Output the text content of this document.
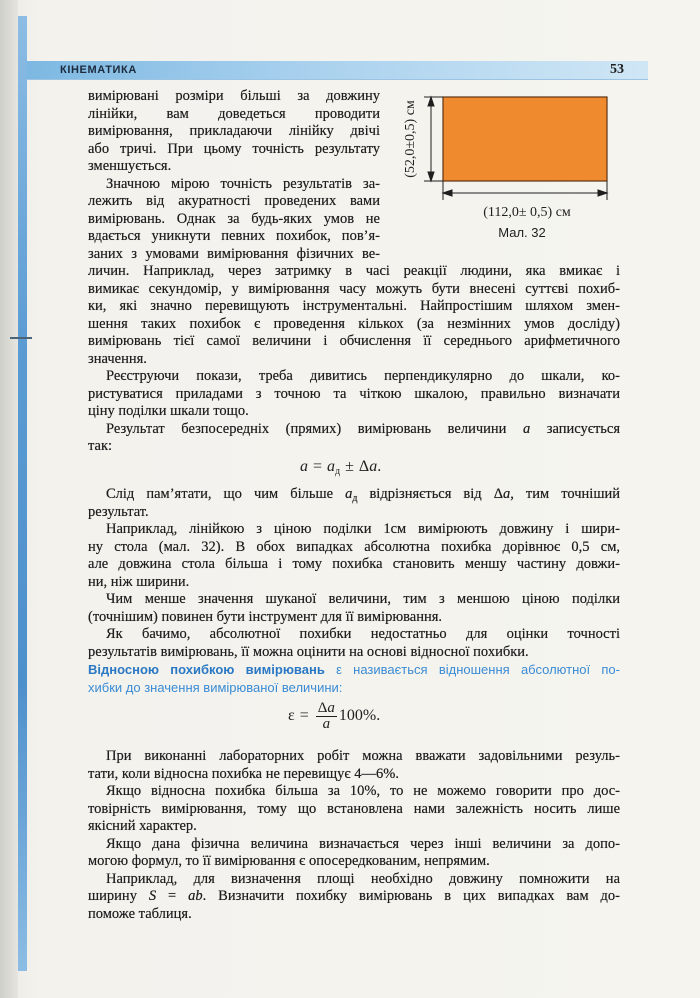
КІНЕМАТИКА	53
(52,0±0,5) см
(112,0± 0,5) см
Мал. 32
вимірювані розміри більші за довжину
лінійки, вам доведеться проводити
вимірювання, прикладаючи лінійку двічі
або тричі. При цьому точність результату
зменшується.
Значною мірою точність результатів за-
лежить від акуратності проведених вами
вимірювань. Однак за будь-яких умов не
вдається уникнути певних похибок, пов’я-
заних з умовами вимірювання фізичних ве-
личин. Наприклад, через затримку в часі реакції людини, яка вмикає і
вимикає секундомір, у вимірювання часу можуть бути внесені суттєві похиб-
ки, які значно перевищують інструментальні. Найпростішим шляхом змен-
шення таких похибок є проведення кількох (за незмінних умов досліду)
вимірювань тієї самої величини і обчислення її середнього арифметичного
значення.
Реєструючи покази, треба дивитись перпендикулярно до шкали, ко-
ристуватися приладами з точною та чіткою шкалою, правильно визначати
ціну поділки шкали тощо.
Результат безпосередніх (прямих) вимірювань величини a записується
так:
$a = a_д \pm \Delta a$.
Слід пам’ятати, що чим більше $a_д$ відрізняється від Δa, тим точніший
результат.
Наприклад, лінійкою з ціною поділки 1см вимірюють довжину і шири-
ну стола (мал. 32). В обох випадках абсолютна похибка дорівнює 0,5 см,
але довжина стола більша і тому похибка становить меншу частину довжи-
ни, ніж ширини.
Чим менше значення шуканої величини, тим з меншою ціною поділки
(точнішим) повинен бути інструмент для її вимірювання.
Як бачимо, абсолютної похибки недостатньо для оцінки точності
результатів вимірювань, її можна оцінити на основі відносної похибки.
Відносною похибкою вимірювань ε називається відношення абсолютної по-
хибки до значення вимірюваної величини:
$\varepsilon = \frac{\Delta a}{a} 100\%$.
При виконанні лабораторних робіт можна вважати задовільними резуль-
тати, коли відносна похибка не перевищує 4—6%.
Якщо відносна похибка більша за 10%, то не можемо говорити про дос-
товірність вимірювання, тому що встановлена нами залежність носить лише
якісний характер.
Якщо дана фізична величина визначається через інші величини за допо-
могою формул, то її вимірювання є опосередкованим, непрямим.
Наприклад, для визначення площі необхідно довжину помножити на
ширину S = ab. Визначити похибку вимірювань в цих випадках вам до-
поможе таблиця.
